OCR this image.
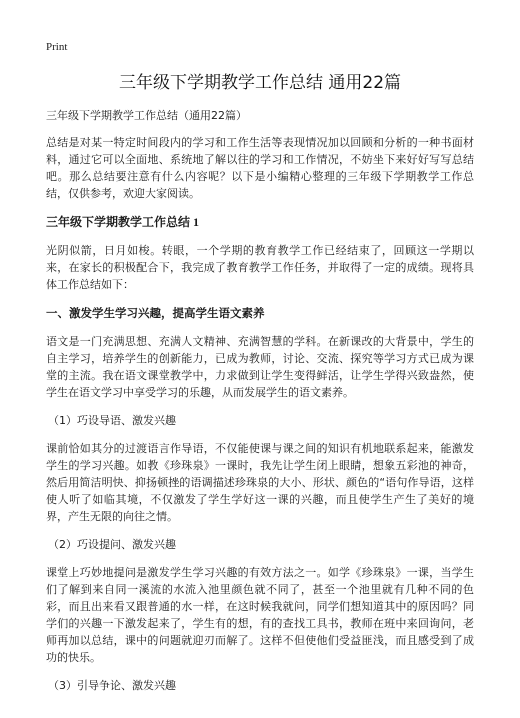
Print
三年级下学期教学工作总结 通用22篇
三年级下学期教学工作总结（通用22篇）

总结是对某一特定时间段内的学习和工作生活等表现情况加以回顾和分析的一种书面材料，通过它可以全面地、系统地了解以往的学习和工作情况，不妨坐下来好好写写总结吧。那么总结要注意有什么内容呢？以下是小编精心整理的三年级下学期教学工作总结，仅供参考，欢迎大家阅读。

三年级下学期教学工作总结 1

光阴似箭，日月如梭。转眼，一个学期的教育教学工作已经结束了，回顾这一学期以来，在家长的积极配合下，我完成了教育教学工作任务，并取得了一定的成绩。现将具体工作总结如下：

一、激发学生学习兴趣，提高学生语文素养

语文是一门充满思想、充满人文精神、充满智慧的学科。在新课改的大背景中，学生的自主学习，培养学生的创新能力，已成为教师，讨论、交流、探究等学习方式已成为课堂的主流。我在语文课堂教学中，力求做到让学生变得鲜活，让学生学得兴致盎然，使学生在语文学习中享受学习的乐趣，从而发展学生的语文素养。

（1）巧设导语、激发兴趣

课前恰如其分的过渡语言作导语，不仅能使课与课之间的知识有机地联系起来，能激发学生的学习兴趣。如教《珍珠泉》一课时，我先让学生闭上眼睛，想象五彩池的神奇，然后用简洁明快、抑扬顿挫的语调描述珍珠泉的大小、形状、颜色的“语句作导语，这样使人听了如临其境，不仅激发了学生学好这一课的兴趣，而且使学生产生了美好的境界，产生无限的向往之情。

（2）巧设提问、激发兴趣

课堂上巧妙地提问是激发学生学习兴趣的有效方法之一。如学《珍珠泉》一课，当学生们了解到来自同一溪流的水流入池里颜色就不同了，甚至一个池里就有几种不同的色彩，而且出来看又跟普通的水一样，在这时候我就问，同学们想知道其中的原因吗？同学们的兴趣一下激发起来了，学生有的想，有的查找工具书，教师在班中来回询问，老师再加以总结，课中的问题就迎刃而解了。这样不但使他们受益匪浅，而且感受到了成功的快乐。

（3）引导争论、激发兴趣
